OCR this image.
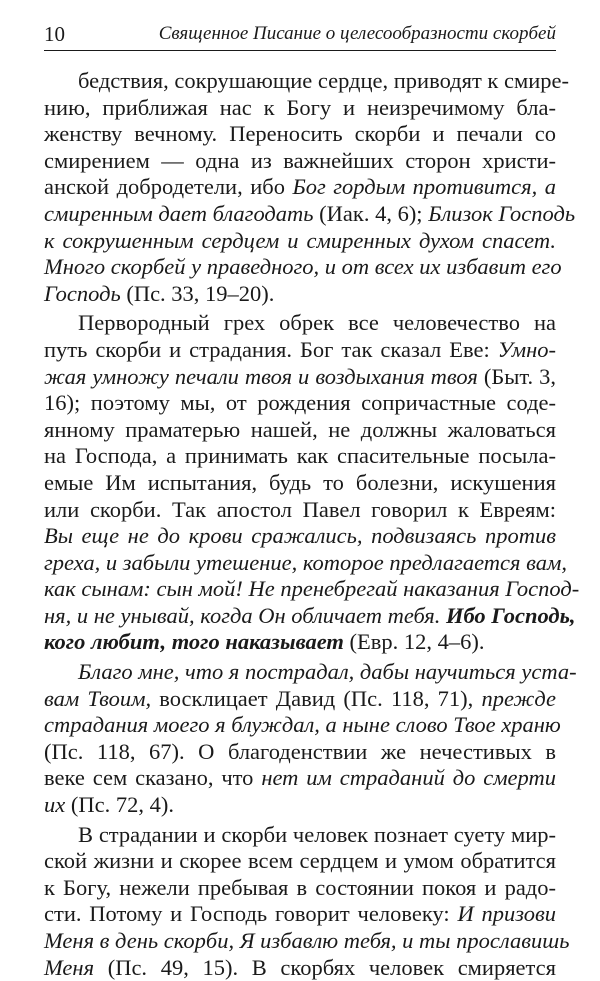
10	Священное Писание о целесообразности скорбей
бедствия, сокрушающие сердце, приводят к смире-
нию, приближая нас к Богу и неизречимому бла-
женству вечному. Переносить скорби и печали со
смирением — одна из важнейших сторон христи-
анской добродетели, ибо Бог гордым противится, а
смиренным дает благодать (Иак. 4, 6); Близок Господь
к сокрушенным сердцем и смиренных духом спасет.
Много скорбей у праведного, и от всех их избавит его
Господь (Пс. 33, 19–20).
Первородный грех обрек все человечество на
путь скорби и страдания. Бог так сказал Еве: Умно-
жая умножу печали твоя и воздыхания твоя (Быт. 3,
16); поэтому мы, от рождения сопричастные соде-
янному праматерью нашей, не должны жаловаться
на Господа, а принимать как спасительные посыла-
емые Им испытания, будь то болезни, искушения
или скорби. Так апостол Павел говорил к Евреям:
Вы еще не до крови сражались, подвизаясь против
греха, и забыли утешение, которое предлагается вам,
как сынам: сын мой! Не пренебрегай наказания Господ-
ня, и не унывай, когда Он обличает тебя. Ибо Господь,
кого любит, того наказывает (Евр. 12, 4–6).
Благо мне, что я пострадал, дабы научиться уста-
вам Твоим, восклицает Давид (Пс. 118, 71), прежде
страдания моего я блуждал, а ныне слово Твое храню
(Пс. 118, 67). О благоденствии же нечестивых в
веке сем сказано, что нет им страданий до смерти
их (Пс. 72, 4).
В страдании и скорби человек познает суету мир-
ской жизни и скорее всем сердцем и умом обратится
к Богу, нежели пребывая в состоянии покоя и радо-
сти. Потому и Господь говорит человеку: И призови
Меня в день скорби, Я избавлю тебя, и ты прославишь
Меня (Пс. 49, 15). В скорбях человек смиряется
